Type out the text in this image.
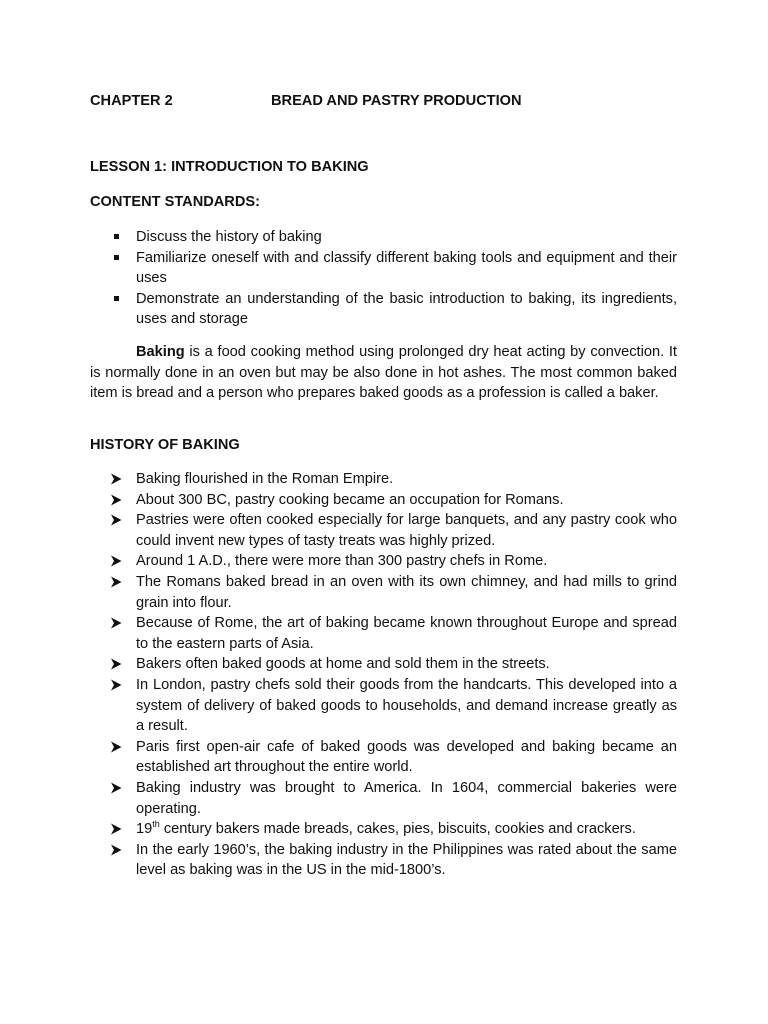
CHAPTER 2	BREAD AND PASTRY PRODUCTION
LESSON 1: INTRODUCTION TO BAKING
CONTENT STANDARDS:
Discuss the history of baking
Familiarize oneself with and classify different baking tools and equipment and their uses
Demonstrate an understanding of the basic introduction to baking, its ingredients, uses and storage

Baking is a food cooking method using prolonged dry heat acting by convection. It is normally done in an oven but may be also done in hot ashes. The most common baked item is bread and a person who prepares baked goods as a profession is called a baker.

HISTORY OF BAKING
Baking flourished in the Roman Empire.
About 300 BC, pastry cooking became an occupation for Romans.
Pastries were often cooked especially for large banquets, and any pastry cook who could invent new types of tasty treats was highly prized.
Around 1 A.D., there were more than 300 pastry chefs in Rome.
The Romans baked bread in an oven with its own chimney, and had mills to grind grain into flour.
Because of Rome, the art of baking became known throughout Europe and spread to the eastern parts of Asia.
Bakers often baked goods at home and sold them in the streets.
In London, pastry chefs sold their goods from the handcarts. This developed into a system of delivery of baked goods to households, and demand increase greatly as a result.
Paris first open-air cafe of baked goods was developed and baking became an established art throughout the entire world.
Baking industry was brought to America. In 1604, commercial bakeries were operating.
19th century bakers made breads, cakes, pies, biscuits, cookies and crackers.
In the early 1960’s, the baking industry in the Philippines was rated about the same level as baking was in the US in the mid-1800’s.
